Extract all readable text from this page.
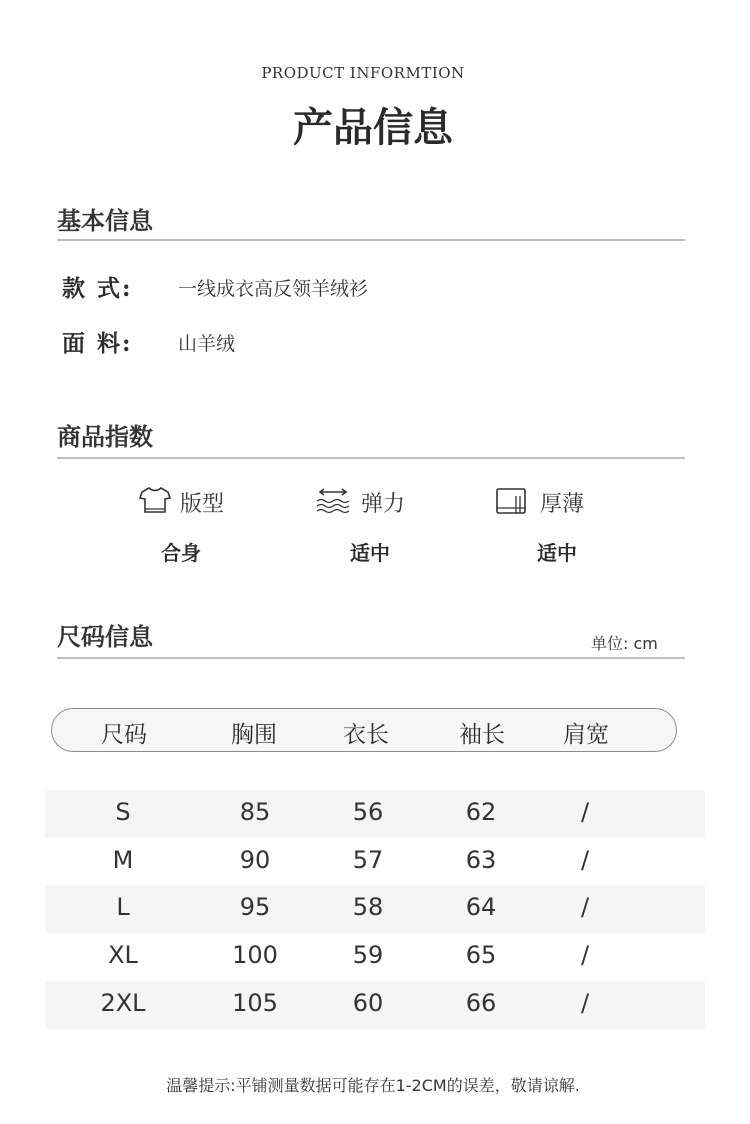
PRODUCT INFORMTION
产品信息
基本信息
款 式: 一线成衣高反领羊绒衫
面 料: 山羊绒
商品指数
版型
合身
弹力
适中
厚薄
适中
尺码信息	单位: cm
尺码	胸围	衣长	袖长	肩宽
S	85	56	62	/
M	90	57	63	/
L	95	58	64	/
XL	100	59	65	/
2XL	105	60	66	/
温馨提示:平铺测量数据可能存在1-2CM的误差，敬请谅解.
